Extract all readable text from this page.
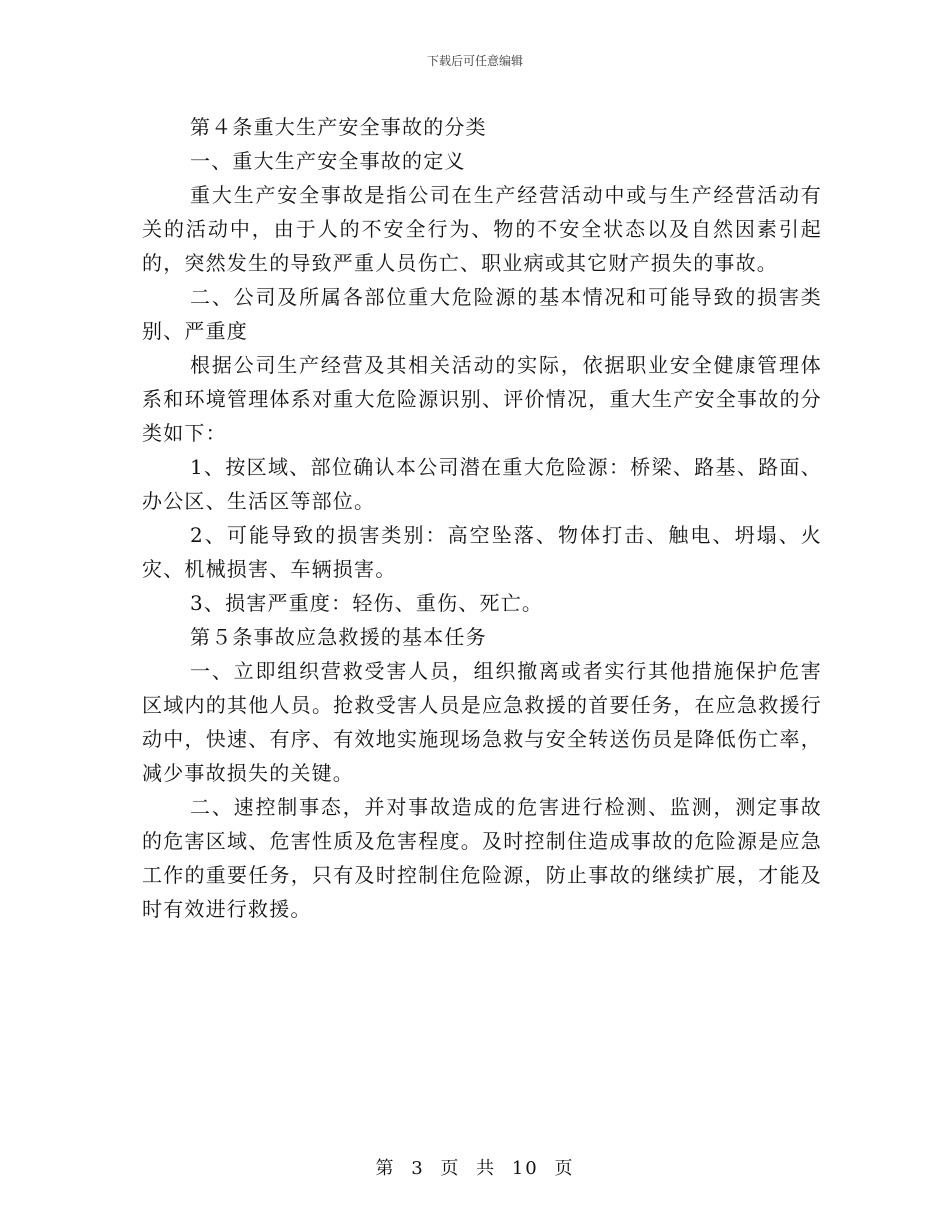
下载后可任意编辑

第４条重大生产安全事故的分类

一、重大生产安全事故的定义

重大生产安全事故是指公司在生产经营活动中或与生产经营活动有关的活动中，由于人的不安全行为、物的不安全状态以及自然因素引起的，突然发生的导致严重人员伤亡、职业病或其它财产损失的事故。

二、公司及所属各部位重大危险源的基本情况和可能导致的损害类别、严重度

根据公司生产经营及其相关活动的实际，依据职业安全健康管理体系和环境管理体系对重大危险源识别、评价情况，重大生产安全事故的分类如下：

1、按区域、部位确认本公司潜在重大危险源：桥梁、路基、路面、办公区、生活区等部位。

2、可能导致的损害类别：高空坠落、物体打击、触电、坍塌、火灾、机械损害、车辆损害。

3、损害严重度：轻伤、重伤、死亡。

第５条事故应急救援的基本任务

一、立即组织营救受害人员，组织撤离或者实行其他措施保护危害区域内的其他人员。抢救受害人员是应急救援的首要任务，在应急救援行动中，快速、有序、有效地实施现场急救与安全转送伤员是降低伤亡率，减少事故损失的关键。

二、速控制事态，并对事故造成的危害进行检测、监测，测定事故的危害区域、危害性质及危害程度。及时控制住造成事故的危险源是应急工作的重要任务，只有及时控制住危险源，防止事故的继续扩展，才能及时有效进行救援。

第 3 页 共 10 页
